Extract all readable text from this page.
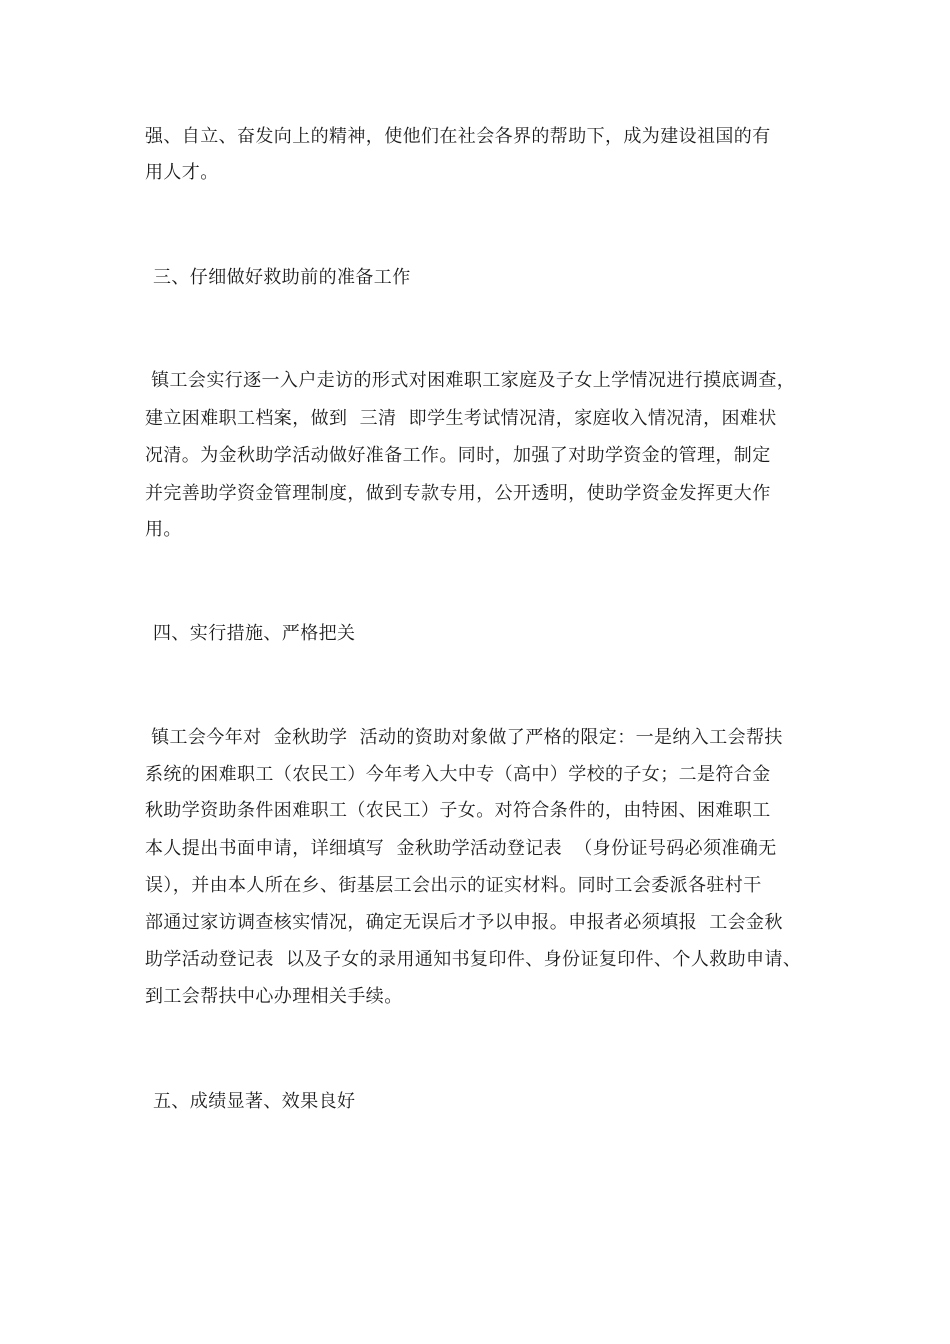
强、自立、奋发向上的精神，使他们在社会各界的帮助下，成为建设祖国的有
用人才。
三、仔细做好救助前的准备工作
镇工会实行逐一入户走访的形式对困难职工家庭及子女上学情况进行摸底调查，
建立困难职工档案，做到  三清  即学生考试情况清，家庭收入情况清，困难状
况清。为金秋助学活动做好准备工作。同时，加强了对助学资金的管理，制定
并完善助学资金管理制度，做到专款专用，公开透明，使助学资金发挥更大作
用。
四、实行措施、严格把关
镇工会今年对  金秋助学  活动的资助对象做了严格的限定：一是纳入工会帮扶
系统的困难职工（农民工）今年考入大中专（高中）学校的子女；二是符合金
秋助学资助条件困难职工（农民工）子女。对符合条件的，由特困、困难职工
本人提出书面申请，详细填写  金秋助学活动登记表  （身份证号码必须准确无
误），并由本人所在乡、街基层工会出示的证实材料。同时工会委派各驻村干
部通过家访调查核实情况，确定无误后才予以申报。申报者必须填报  工会金秋
助学活动登记表  以及子女的录用通知书复印件、身份证复印件、个人救助申请、
到工会帮扶中心办理相关手续。
五、成绩显著、效果良好
